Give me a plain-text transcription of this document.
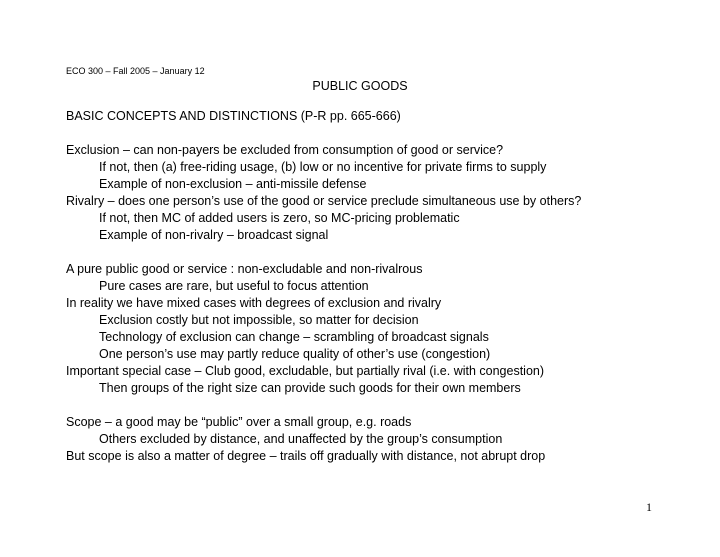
ECO 300 – Fall 2005 – January 12
PUBLIC GOODS
BASIC CONCEPTS AND DISTINCTIONS (P-R pp. 665-666)
Exclusion – can non-payers be excluded from consumption of good or service?
If not, then (a) free-riding usage, (b) low or no incentive for private firms to supply
Example of non-exclusion – anti-missile defense
Rivalry – does one person’s use of the good or service preclude simultaneous use by others?
If not, then MC of added users is zero, so MC-pricing problematic
Example of non-rivalry – broadcast signal
A pure public good or service : non-excludable and non-rivalrous
Pure cases are rare, but useful to focus attention
In reality we have mixed cases with degrees of exclusion and rivalry
Exclusion costly but not impossible, so matter for decision
Technology of exclusion can change – scrambling of broadcast signals
One person’s use may partly reduce quality of other’s use (congestion)
Important special case – Club good, excludable, but partially rival (i.e. with congestion)
Then groups of the right size can provide such goods for their own members
Scope – a good may be “public” over a small group, e.g. roads
Others excluded by distance, and unaffected by the group’s consumption
But scope is also a matter of degree – trails off gradually with distance, not abrupt drop
1
